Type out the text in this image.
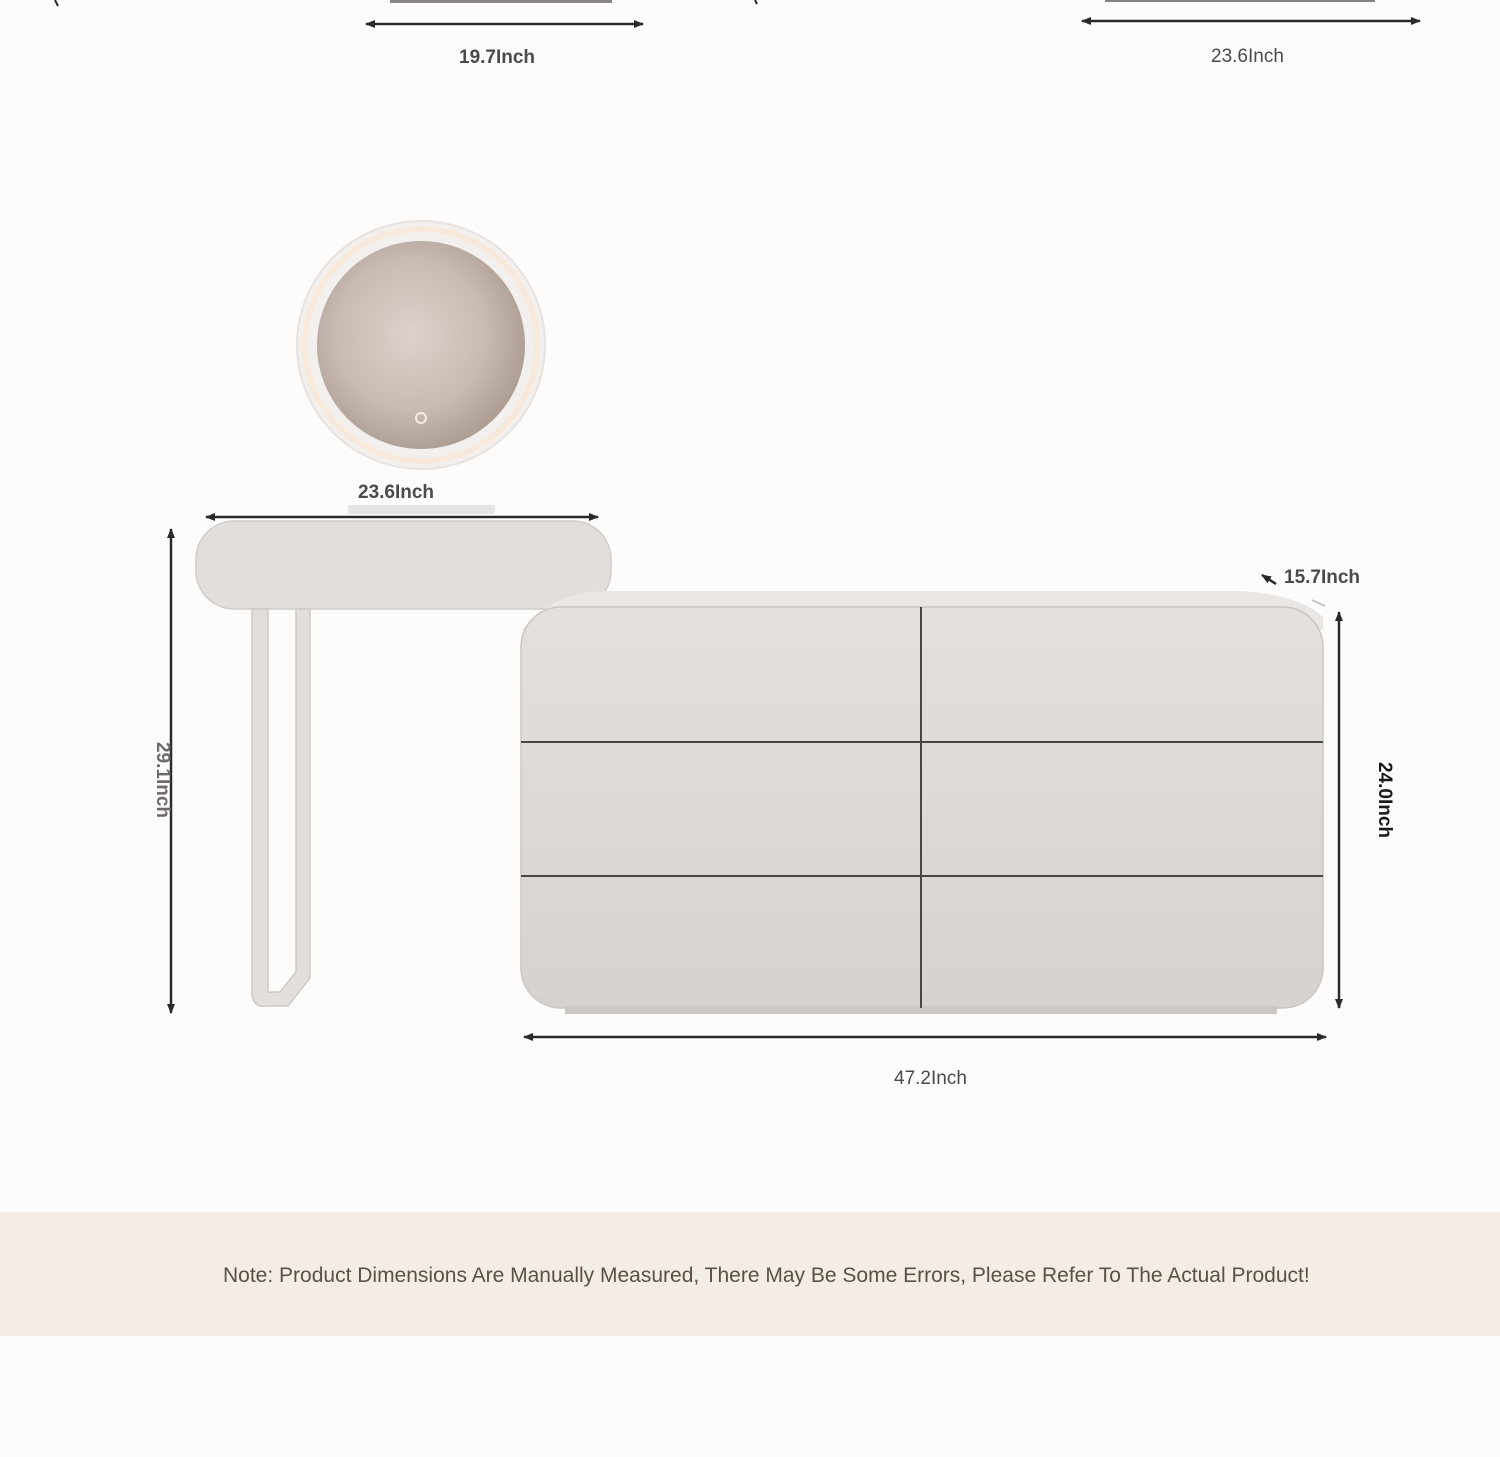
19.7Inch	23.6Inch
23.6Inch
29.1Inch
15.7Inch
24.0Inch
47.2Inch
Note: Product Dimensions Are Manually Measured, There May Be Some Errors, Please Refer To The Actual Product!
